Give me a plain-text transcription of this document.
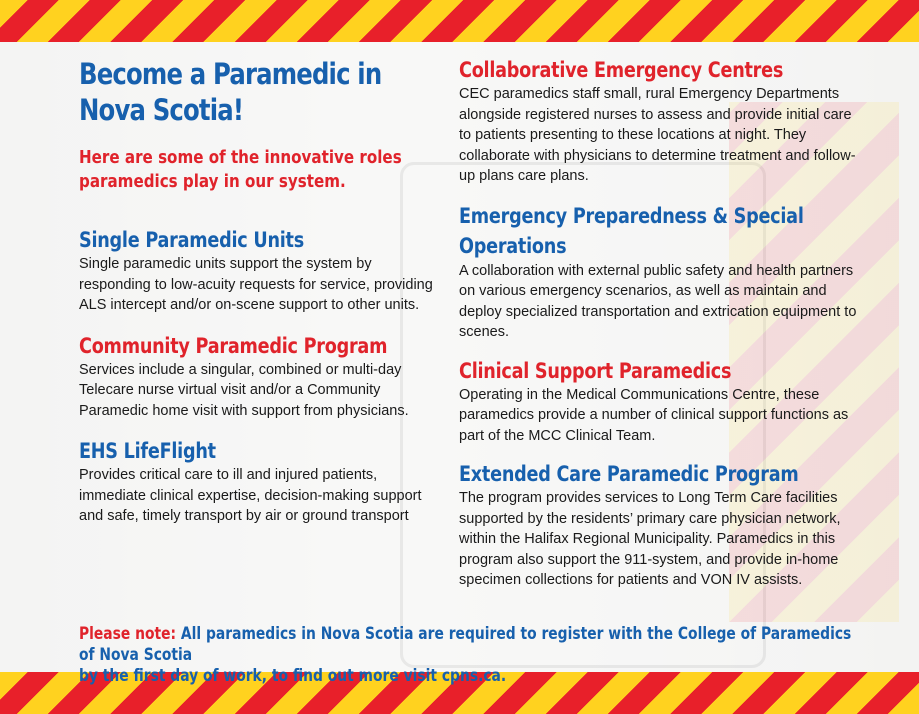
Become a Paramedic in
Nova Scotia!
Here are some of the innovative roles
paramedics play in our system.
Single Paramedic Units
Single paramedic units support the system by responding to low-acuity requests for service, providing ALS intercept and/or on-scene support to other units.
Community Paramedic Program
Services include a singular, combined or multi-day Telecare nurse virtual visit and/or a Community Paramedic home visit with support from physicians.
EHS LifeFlight
Provides critical care to ill and injured patients, immediate clinical expertise, decision-making support and safe, timely transport by air or ground transport
Collaborative Emergency Centres
CEC paramedics staff small, rural Emergency Departments alongside registered nurses to assess and provide initial care to patients presenting to these locations at night. They collaborate with physicians to determine treatment and follow-up plans care plans.
Emergency Preparedness & Special
Operations
A collaboration with external public safety and health partners on various emergency scenarios, as well as maintain and deploy specialized transportation and extrication equipment to scenes.
Clinical Support Paramedics
Operating in the Medical Communications Centre, these paramedics provide a number of clinical support functions as part of the MCC Clinical Team.
Extended Care Paramedic Program
The program provides services to Long Term Care facilities supported by the residents’ primary care physician network, within the Halifax Regional Municipality. Paramedics in this program also support the 911-system, and provide in-home specimen collections for patients and VON IV assists.
Please note: All paramedics in Nova Scotia are required to register with the College of Paramedics of Nova Scotia
by the first day of work, to find out more visit cpns.ca.
